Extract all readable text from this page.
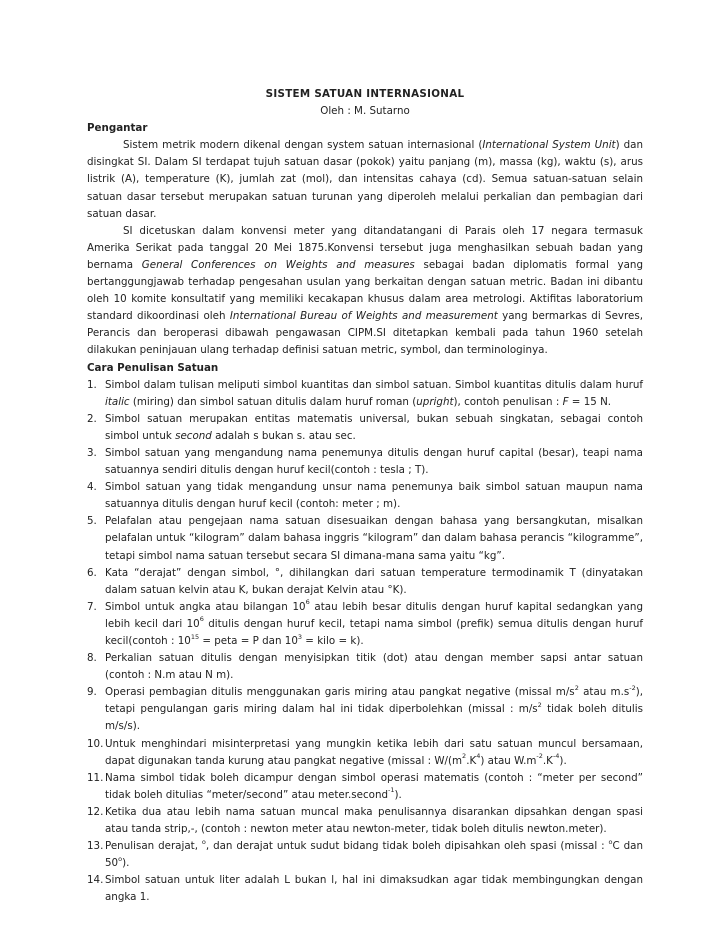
SISTEM SATUAN INTERNASIONAL
Oleh : M. Sutarno
Pengantar
Sistem metrik modern dikenal dengan system satuan internasional (International System Unit) dan disingkat SI. Dalam SI terdapat tujuh satuan dasar (pokok) yaitu panjang (m), massa (kg), waktu (s), arus listrik (A), temperature (K), jumlah zat (mol), dan intensitas cahaya (cd). Semua satuan-satuan selain satuan dasar tersebut merupakan satuan turunan yang diperoleh melalui perkalian dan pembagian dari satuan dasar.
SI dicetuskan dalam konvensi meter yang ditandatangani di Parais oleh 17 negara termasuk Amerika Serikat pada tanggal 20 Mei 1875.Konvensi tersebut juga menghasilkan sebuah badan yang bernama General Conferences on Weights and measures sebagai badan diplomatis formal yang bertanggungjawab terhadap pengesahan usulan yang berkaitan dengan satuan metric. Badan ini dibantu oleh 10 komite konsultatif yang memiliki kecakapan khusus dalam area metrologi. Aktifitas laboratorium standard dikoordinasi oleh International Bureau of Weights and measurement yang bermarkas di Sevres, Perancis dan beroperasi dibawah pengawasan CIPM.SI ditetapkan kembali pada tahun 1960 setelah dilakukan peninjauan ulang terhadap definisi satuan metric, symbol, dan terminologinya.
Cara Penulisan Satuan
1. Simbol dalam tulisan meliputi simbol kuantitas dan simbol satuan. Simbol kuantitas ditulis dalam huruf italic (miring) dan simbol satuan ditulis dalam huruf roman (upright), contoh penulisan : F = 15 N.
2. Simbol satuan merupakan entitas matematis universal, bukan sebuah singkatan, sebagai contoh simbol untuk second adalah s bukan s. atau sec.
3. Simbol satuan yang mengandung nama penemunya ditulis dengan huruf capital (besar), teapi nama satuannya sendiri ditulis dengan huruf kecil(contoh : tesla ; T).
4. Simbol satuan yang tidak mengandung unsur nama penemunya baik simbol satuan maupun nama satuannya ditulis dengan huruf kecil (contoh: meter ; m).
5. Pelafalan atau pengejaan nama satuan disesuaikan dengan bahasa yang bersangkutan, misalkan pelafalan untuk “kilogram” dalam bahasa inggris “kilogram” dan dalam bahasa perancis “kilogramme”, tetapi simbol nama satuan tersebut secara SI dimana-mana sama yaitu “kg”.
6. Kata “derajat” dengan simbol, °, dihilangkan dari satuan temperature termodinamik T (dinyatakan dalam satuan kelvin atau K, bukan derajat Kelvin atau °K).
7. Simbol untuk angka atau bilangan $10^6$ atau lebih besar ditulis dengan huruf kapital sedangkan yang lebih kecil dari $10^6$ ditulis dengan huruf kecil, tetapi nama simbol (prefik) semua ditulis dengan huruf kecil(contoh : $10^{15}$ = peta = P dan $10^3$ = kilo = k).
8. Perkalian satuan ditulis dengan menyisipkan titik (dot) atau dengan member sapsi antar satuan (contoh : N.m atau N m).
9. Operasi pembagian ditulis menggunakan garis miring atau pangkat negative (missal $m/s^2$ atau $m.s^{-2}$), tetapi pengulangan garis miring dalam hal ini tidak diperbolehkan (missal : $m/s^2$ tidak boleh ditulis m/s/s).
10. Untuk menghindari misinterpretasi yang mungkin ketika lebih dari satu satuan muncul bersamaan, dapat digunakan tanda kurung atau pangkat negative (missal : $W/(m^2.K^4)$ atau $W.m^{-2}.K^{-4}$).
11. Nama simbol tidak boleh dicampur dengan simbol operasi matematis (contoh : “meter per second” tidak boleh ditulias “meter/second” atau meter.second$^{-1}$).
12. Ketika dua atau lebih nama satuan muncal maka penulisannya disarankan dipsahkan dengan spasi atau tanda strip,-, (contoh : newton meter atau newton-meter, tidak boleh ditulis newton.meter).
13. Penulisan derajat, $^o$, dan derajat untuk sudut bidang tidak boleh dipisahkan oleh spasi (missal : $^o$C dan 50$^o$).
14. Simbol satuan untuk liter adalah L bukan l, hal ini dimaksudkan agar tidak membingungkan dengan angka 1.
